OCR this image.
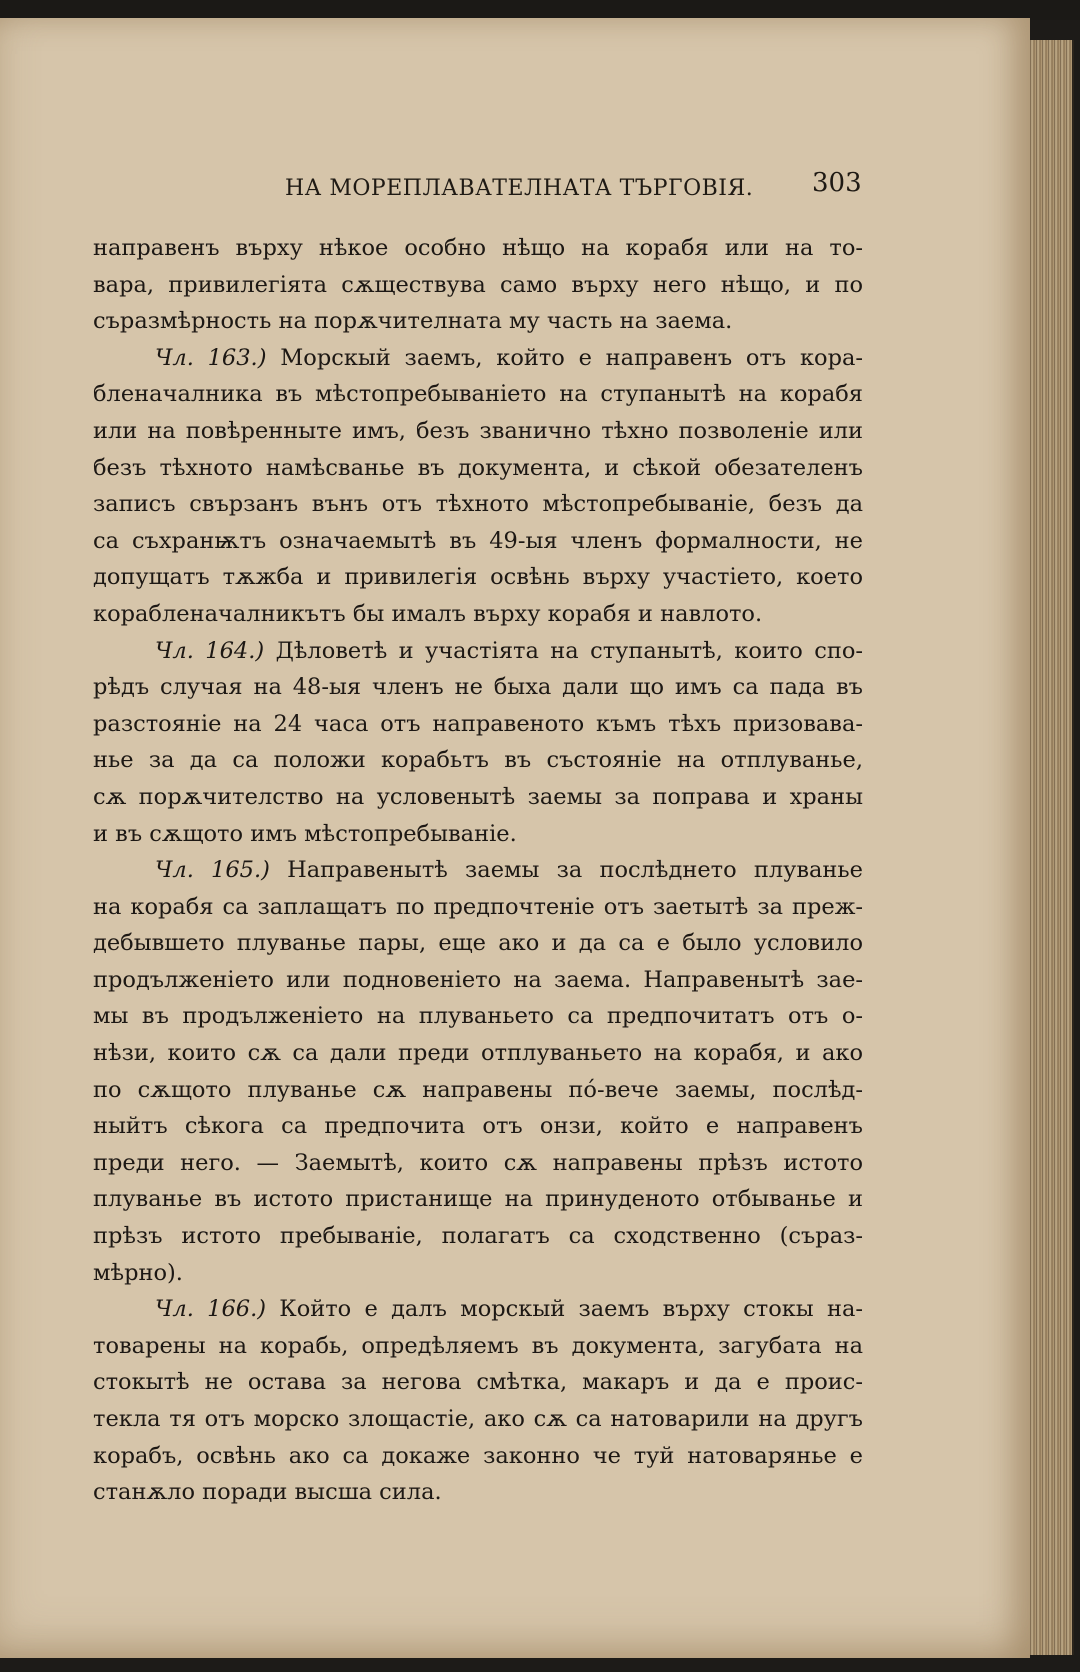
НА МОРЕПЛАВАТЕЛНАТА ТЪРГОВІЯ. 303

направенъ върху нѣкое особно нѣщо на корабя или на то-
вара, привилегіята сѫществува само върху него нѣщо, и по
съразмѣрность на порѫчителната му часть на заема.

Чл. 163.) Морскый заемъ, който е направенъ отъ кора-
бленачалника въ мѣстопребываніето на ступанытѣ на корабя
или на повѣренныте имъ, безъ званично тѣхно позволеніе или
безъ тѣхното намѣсванье въ документа, и сѣкой обезателенъ
записъ свързанъ вънъ отъ тѣхното мѣстопребываніе, безъ да
са съхранѭтъ означаемытѣ въ 49-ыя членъ формалности, не
допущатъ тѫжба и привилегія освѣнь върху участіето, което
корабленачалникътъ бы ималъ върху корабя и навлото.

Чл. 164.) Дѣловетѣ и участіята на ступанытѣ, които спо-
рѣдъ случая на 48-ыя членъ не быха дали що имъ са пада въ
разстояніе на 24 часа отъ направеното къмъ тѣхъ призовава-
нье за да са положи корабьтъ въ състояніе на отплуванье,
сѫ порѫчителство на условенытѣ заемы за поправа и храны
и въ сѫщото имъ мѣстопребываніе.

Чл. 165.) Направенытѣ заемы за послѣднето плуванье
на корабя са заплащатъ по предпочтеніе отъ заетытѣ за преж-
дебывшето плуванье пары, еще ако и да са е было условило
продълженіето или подновеніето на заема. Направенытѣ зае-
мы въ продълженіето на плуваньето са предпочитатъ отъ о-
нѣзи, които сѫ са дали преди отплуваньето на корабя, и ако
по сѫщото плуванье сѫ направены по́-вече заемы, послѣд-
ныйтъ сѣкога са предпочита отъ онзи, който е направенъ
преди него. — Заемытѣ, които сѫ направены прѣзъ истото
плуванье въ истото пристанище на принуденото отбыванье и
прѣзъ истото пребываніе, полагатъ са сходственно (съраз-
мѣрно).

Чл. 166.) Който е далъ морскый заемъ върху стокы на-
товарены на корабь, опредѣляемъ въ документа, загубата на
стокытѣ не остава за негова смѣтка, макаръ и да е проис-
текла тя отъ морско злощастіе, ако сѫ са натоварили на другъ
корабъ, освѣнь ако са докаже законно че туй натоваряньe е
станѫло поради высша сила.
